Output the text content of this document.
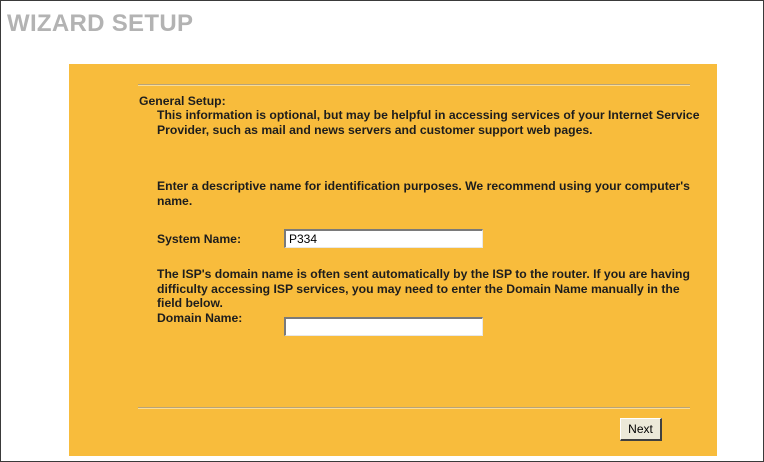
WIZARD SETUP

General Setup:

This information is optional, but may be helpful in accessing services of your Internet Service Provider, such as mail and news servers and customer support web pages.

Enter a descriptive name for identification purposes. We recommend using your computer's name.

System Name:
P334

The ISP's domain name is often sent automatically by the ISP to the router. If you are having difficulty accessing ISP services, you may need to enter the Domain Name manually in the field below.

Domain Name:
Next
